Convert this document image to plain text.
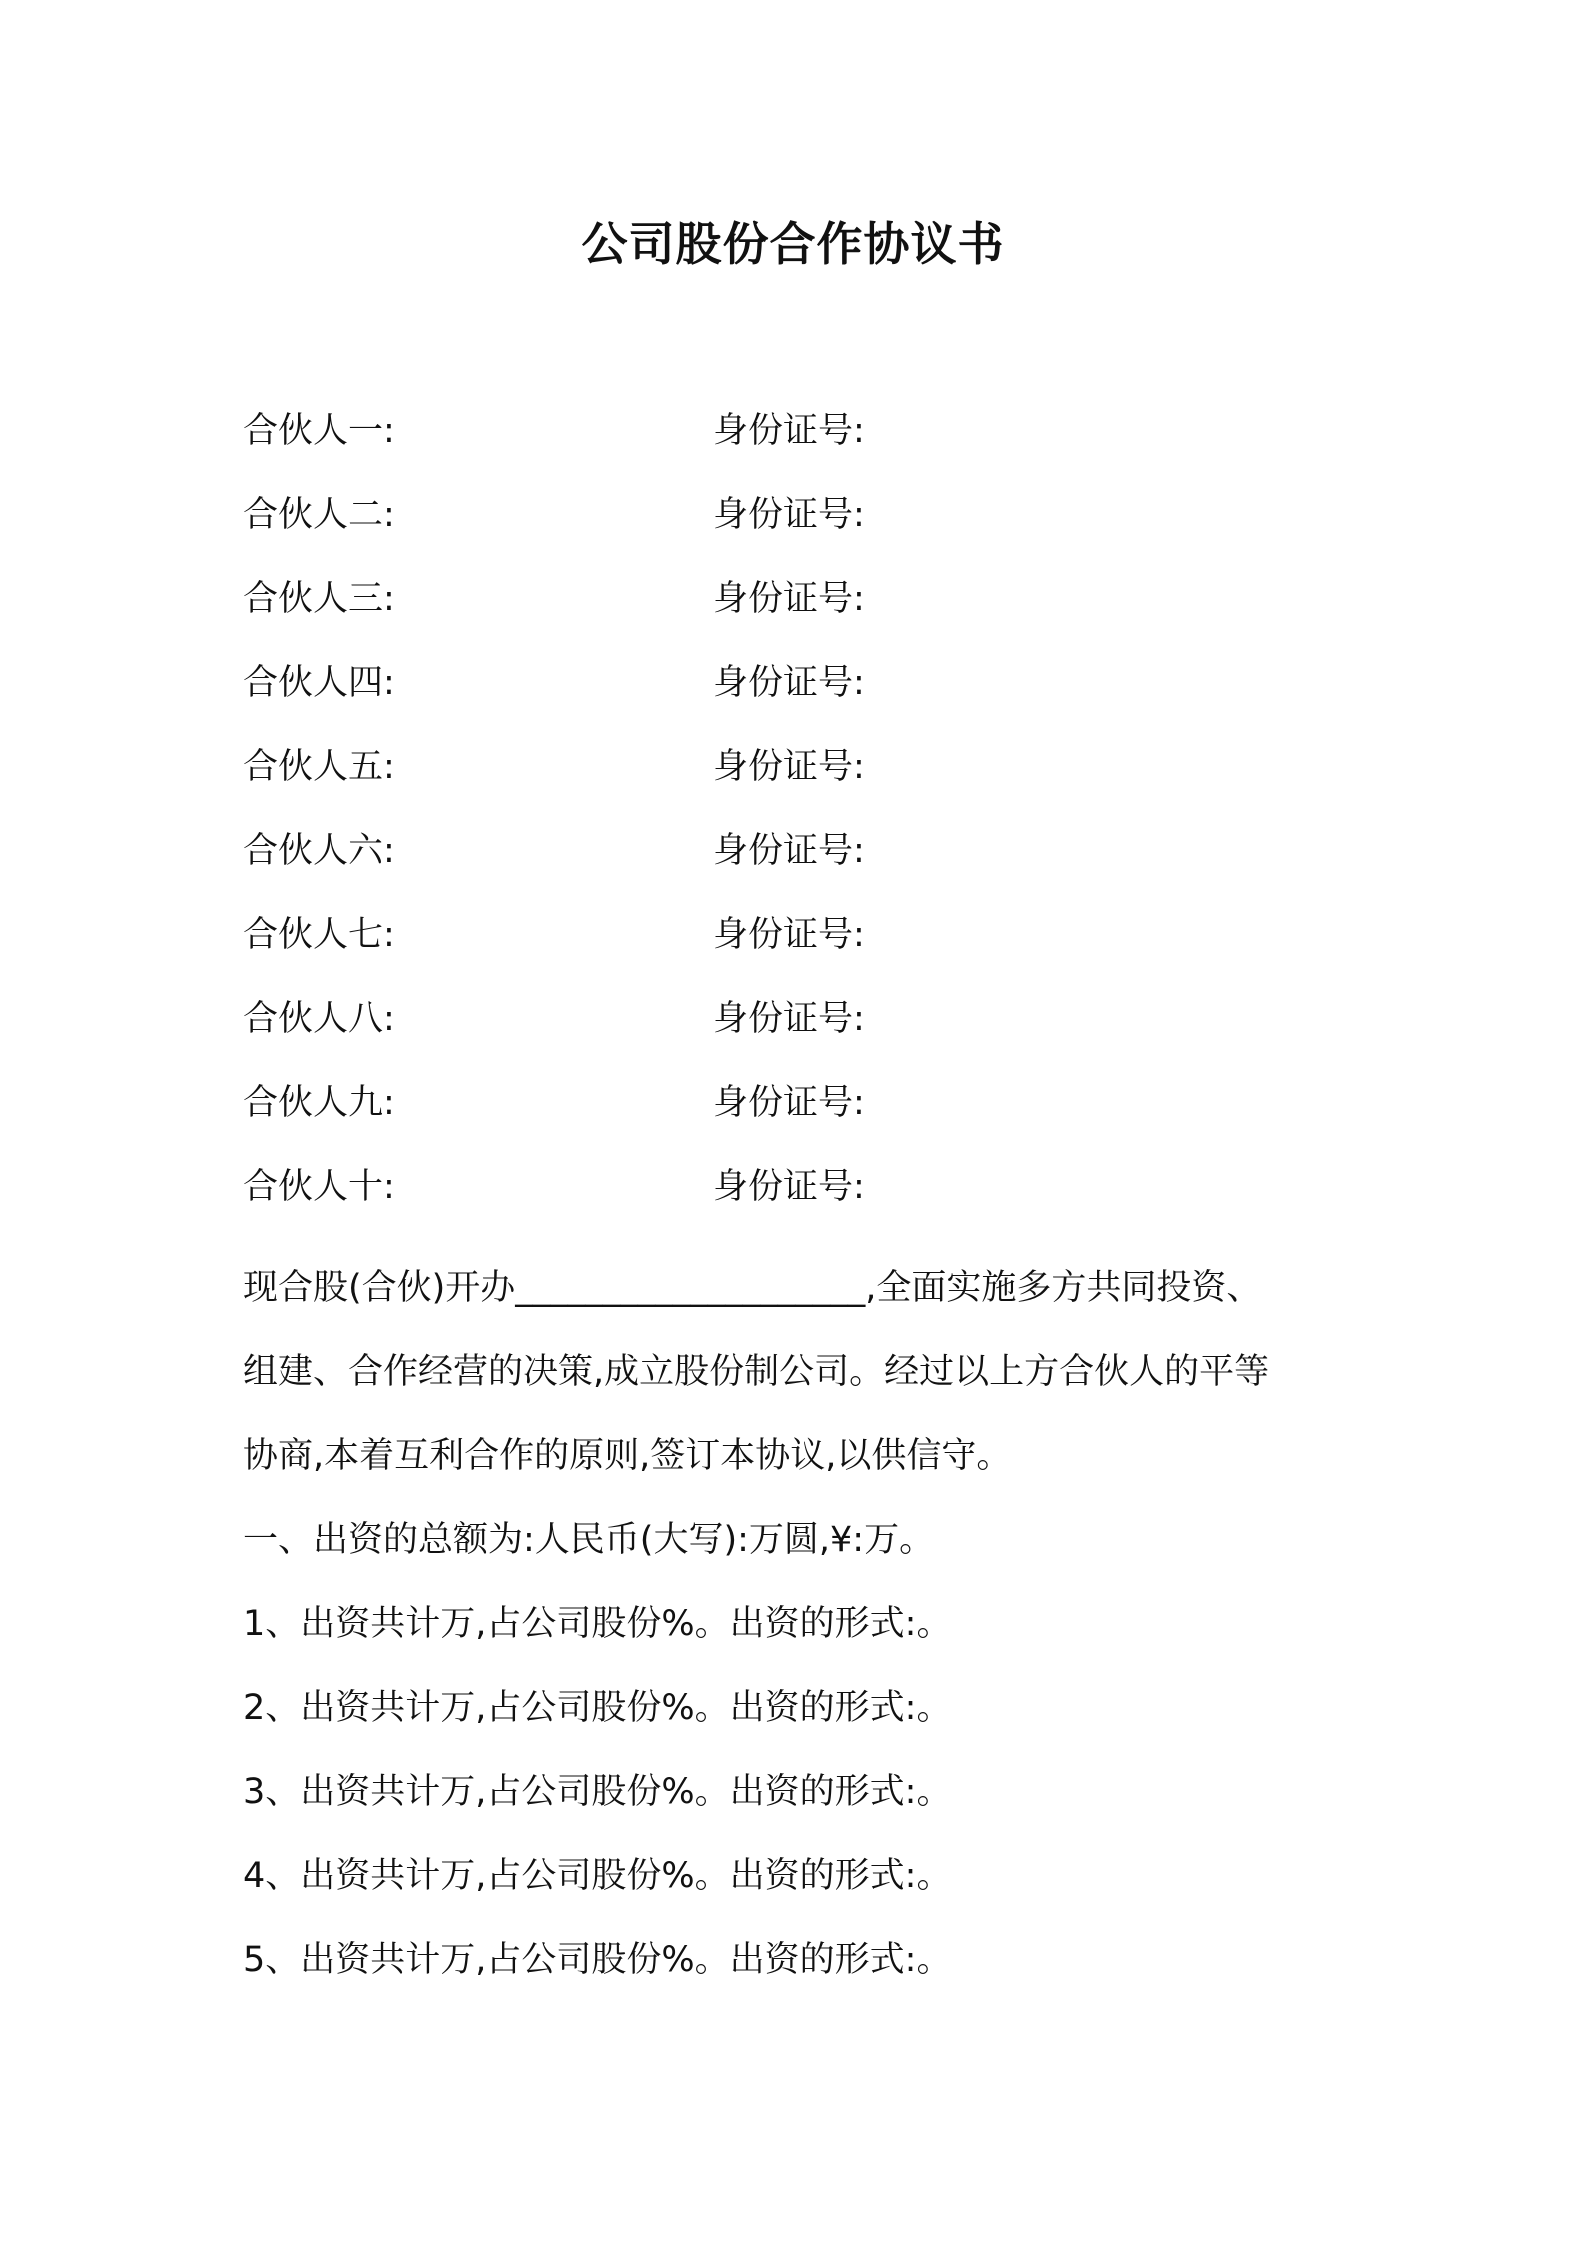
公司股份合作协议书
合伙人一:	身份证号:
合伙人二:	身份证号:
合伙人三:	身份证号:
合伙人四:	身份证号:
合伙人五:	身份证号:
合伙人六:	身份证号:
合伙人七:	身份证号:
合伙人八:	身份证号:
合伙人九:	身份证号:
合伙人十:	身份证号:

现合股(合伙)开办____________________,全面实施多方共同投资、

组建、合作经营的决策,成立股份制公司。经过以上方合伙人的平等

协商,本着互利合作的原则,签订本协议,以供信守。

一、出资的总额为:人民币(大写):万圆,¥:万。

1、出资共计万,占公司股份%。出资的形式:。

2、出资共计万,占公司股份%。出资的形式:。

3、出资共计万,占公司股份%。出资的形式:。

4、出资共计万,占公司股份%。出资的形式:。

5、出资共计万,占公司股份%。出资的形式:。
